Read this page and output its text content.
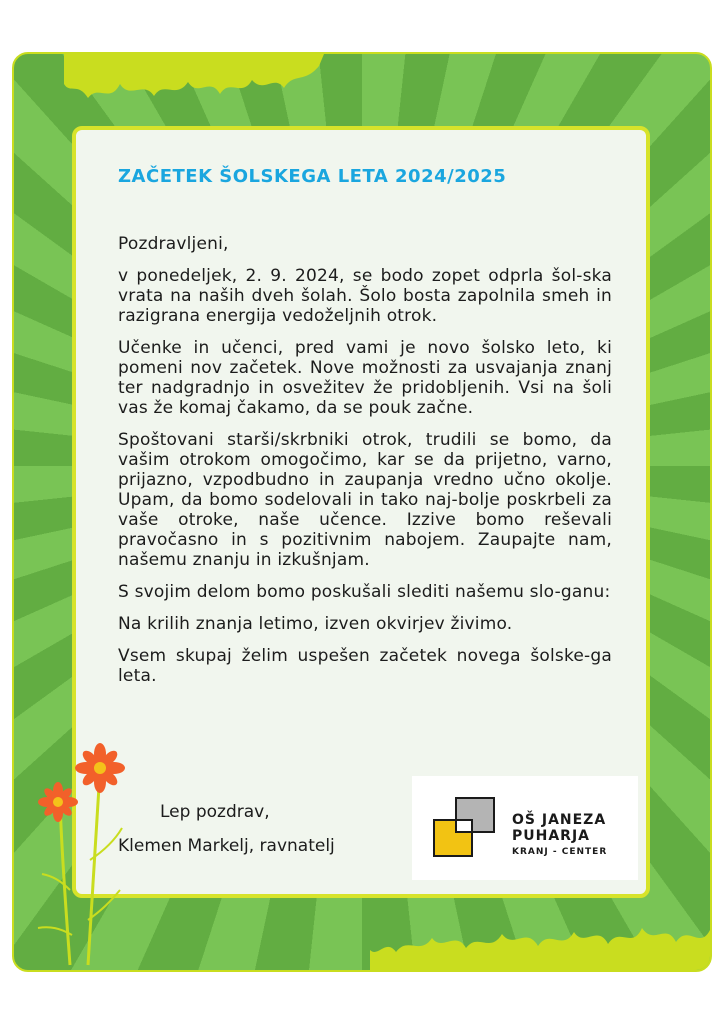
ZAČETEK ŠOLSKEGA LETA 2024/2025

Pozdravljeni,

v ponedeljek, 2. 9. 2024, se bodo zopet odprla šol-ska vrata na naših dveh šolah. Šolo bosta zapolnila smeh in razigrana energija vedoželjnih otrok.

Učenke in učenci, pred vami je novo šolsko leto, ki pomeni nov začetek. Nove možnosti za usvajanja znanj ter nadgradnjo in osvežitev že pridobljenih. Vsi na šoli vas že komaj čakamo, da se pouk začne.

Spoštovani starši/skrbniki otrok, trudili se bomo, da vašim otrokom omogočimo, kar se da prijetno, varno, prijazno, vzpodbudno in zaupanja vredno učno okolje. Upam, da bomo sodelovali in tako naj-bolje poskrbeli za vaše otroke, naše učence. Izzive bomo reševali pravočasno in s pozitivnim nabojem. Zaupajte nam, našemu znanju in izkušnjam.

S svojim delom bomo poskušali slediti našemu slo-ganu:

Na krilih znanja letimo, izven okvirjev živimo.

Vsem skupaj želim uspešen začetek novega šolske-ga leta.

Lep pozdrav,

Klemen Markelj, ravnatelj

OŠ JANEZA
PUHARJA
KRANJ - CENTER
